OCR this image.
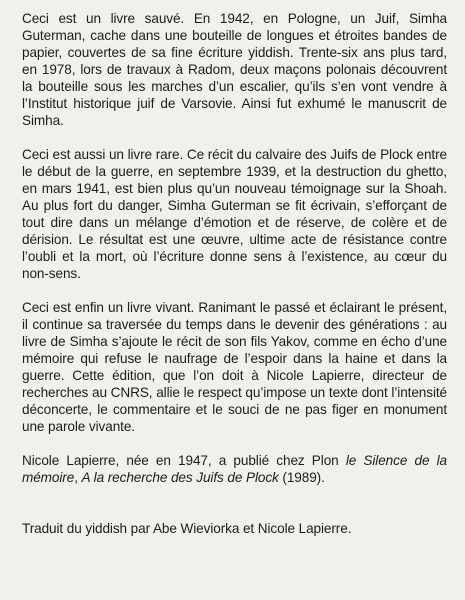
Ceci est un livre sauvé. En 1942, en Pologne, un Juif, Simha Guterman, cache dans une bouteille de longues et étroites bandes de papier, couvertes de sa fine écriture yiddish. Trente-six ans plus tard, en 1978, lors de travaux à Radom, deux maçons polonais découvrent la bouteille sous les marches d’un escalier, qu’ils s’en vont vendre à l’Institut historique juif de Varsovie. Ainsi fut exhumé le manuscrit de Simha.

Ceci est aussi un livre rare. Ce récit du calvaire des Juifs de Plock entre le début de la guerre, en septembre 1939, et la destruction du ghetto, en mars 1941, est bien plus qu’un nouveau témoignage sur la Shoah. Au plus fort du danger, Simha Guterman se fit écrivain, s’efforçant de tout dire dans un mélange d’émotion et de réserve, de colère et de dérision. Le résultat est une œuvre, ultime acte de résistance contre l’oubli et la mort, où l’écriture donne sens à l’existence, au cœur du non-sens.

Ceci est enfin un livre vivant. Ranimant le passé et éclairant le présent, il continue sa traversée du temps dans le devenir des générations : au livre de Simha s’ajoute le récit de son fils Yakov, comme en écho d’une mémoire qui refuse le naufrage de l’espoir dans la haine et dans la guerre. Cette édition, que l’on doit à Nicole Lapierre, directeur de recherches au CNRS, allie le respect qu’impose un texte dont l’intensité déconcerte, le commentaire et le souci de ne pas figer en monument une parole vivante.

Nicole Lapierre, née en 1947, a publié chez Plon le Silence de la mémoire, A la recherche des Juifs de Plock (1989).

Traduit du yiddish par Abe Wieviorka et Nicole Lapierre.
